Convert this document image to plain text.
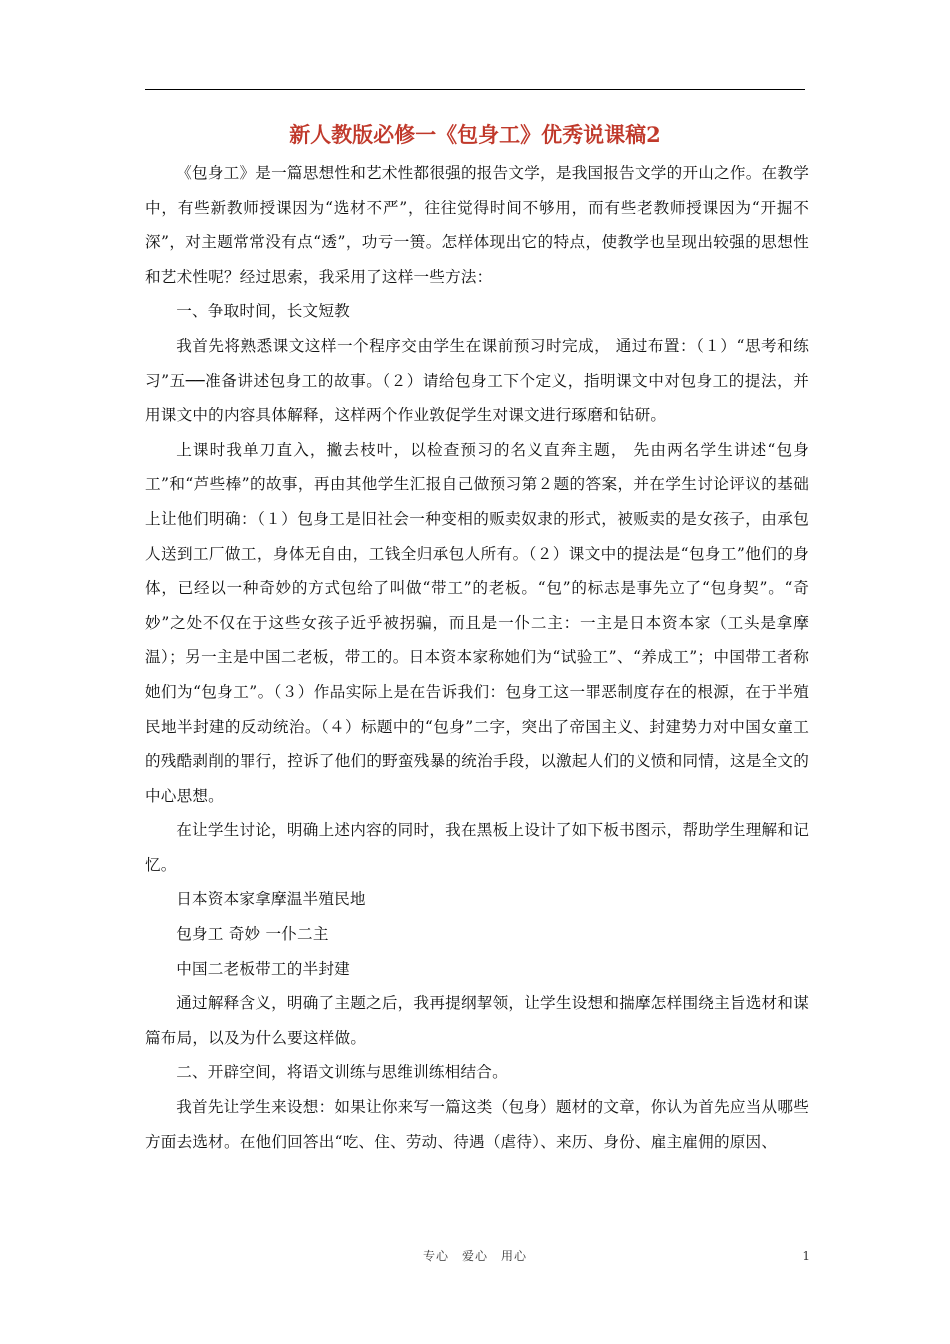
新人教版必修一《包身工》优秀说课稿2

《包身工》是一篇思想性和艺术性都很强的报告文学，是我国报告文学的开山之作。在教学中，有些新教师授课因为“选材不严”，往往觉得时间不够用，而有些老教师授课因为“开掘不深”，对主题常常没有点“透”，功亏一篑。怎样体现出它的特点，使教学也呈现出较强的思想性和艺术性呢？经过思索，我采用了这样一些方法：

一、争取时间，长文短教

我首先将熟悉课文这样一个程序交由学生在课前预习时完成， 通过布置：（１）“思考和练习”五──准备讲述包身工的故事。（２）请给包身工下个定义，指明课文中对包身工的提法，并用课文中的内容具体解释，这样两个作业敦促学生对课文进行琢磨和钻研。

上课时我单刀直入，撇去枝叶，以检查预习的名义直奔主题， 先由两名学生讲述“包身工”和“芦些棒”的故事，再由其他学生汇报自己做预习第２题的答案，并在学生讨论评议的基础上让他们明确：（１）包身工是旧社会一种变相的贩卖奴隶的形式，被贩卖的是女孩子，由承包人送到工厂做工，身体无自由，工钱全归承包人所有。（２）课文中的提法是“包身工”他们的身体，已经以一种奇妙的方式包给了叫做“带工”的老板。“包”的标志是事先立了“包身契”。“奇妙”之处不仅在于这些女孩子近乎被拐骗，而且是一仆二主：一主是日本资本家（工头是拿摩温）；另一主是中国二老板，带工的。日本资本家称她们为“试验工”、“养成工”；中国带工者称她们为“包身工”。（３）作品实际上是在告诉我们：包身工这一罪恶制度存在的根源，在于半殖民地半封建的反动统治。（４）标题中的“包身”二字，突出了帝国主义、封建势力对中国女童工的残酷剥削的罪行，控诉了他们的野蛮残暴的统治手段，以激起人们的义愤和同情，这是全文的中心思想。

在让学生讨论，明确上述内容的同时，我在黑板上设计了如下板书图示，帮助学生理解和记忆。

日本资本家拿摩温半殖民地

包身工 奇妙 一仆二主

中国二老板带工的半封建

通过解释含义，明确了主题之后，我再提纲挈领，让学生设想和揣摩怎样围绕主旨选材和谋篇布局，以及为什么要这样做。

二、开辟空间，将语文训练与思维训练相结合。

我首先让学生来设想：如果让你来写一篇这类（包身）题材的文章，你认为首先应当从哪些方面去选材。在他们回答出“吃、住、劳动、待遇（虐待）、来历、身份、雇主雇佣的原因、

专心　爱心　用心	1
